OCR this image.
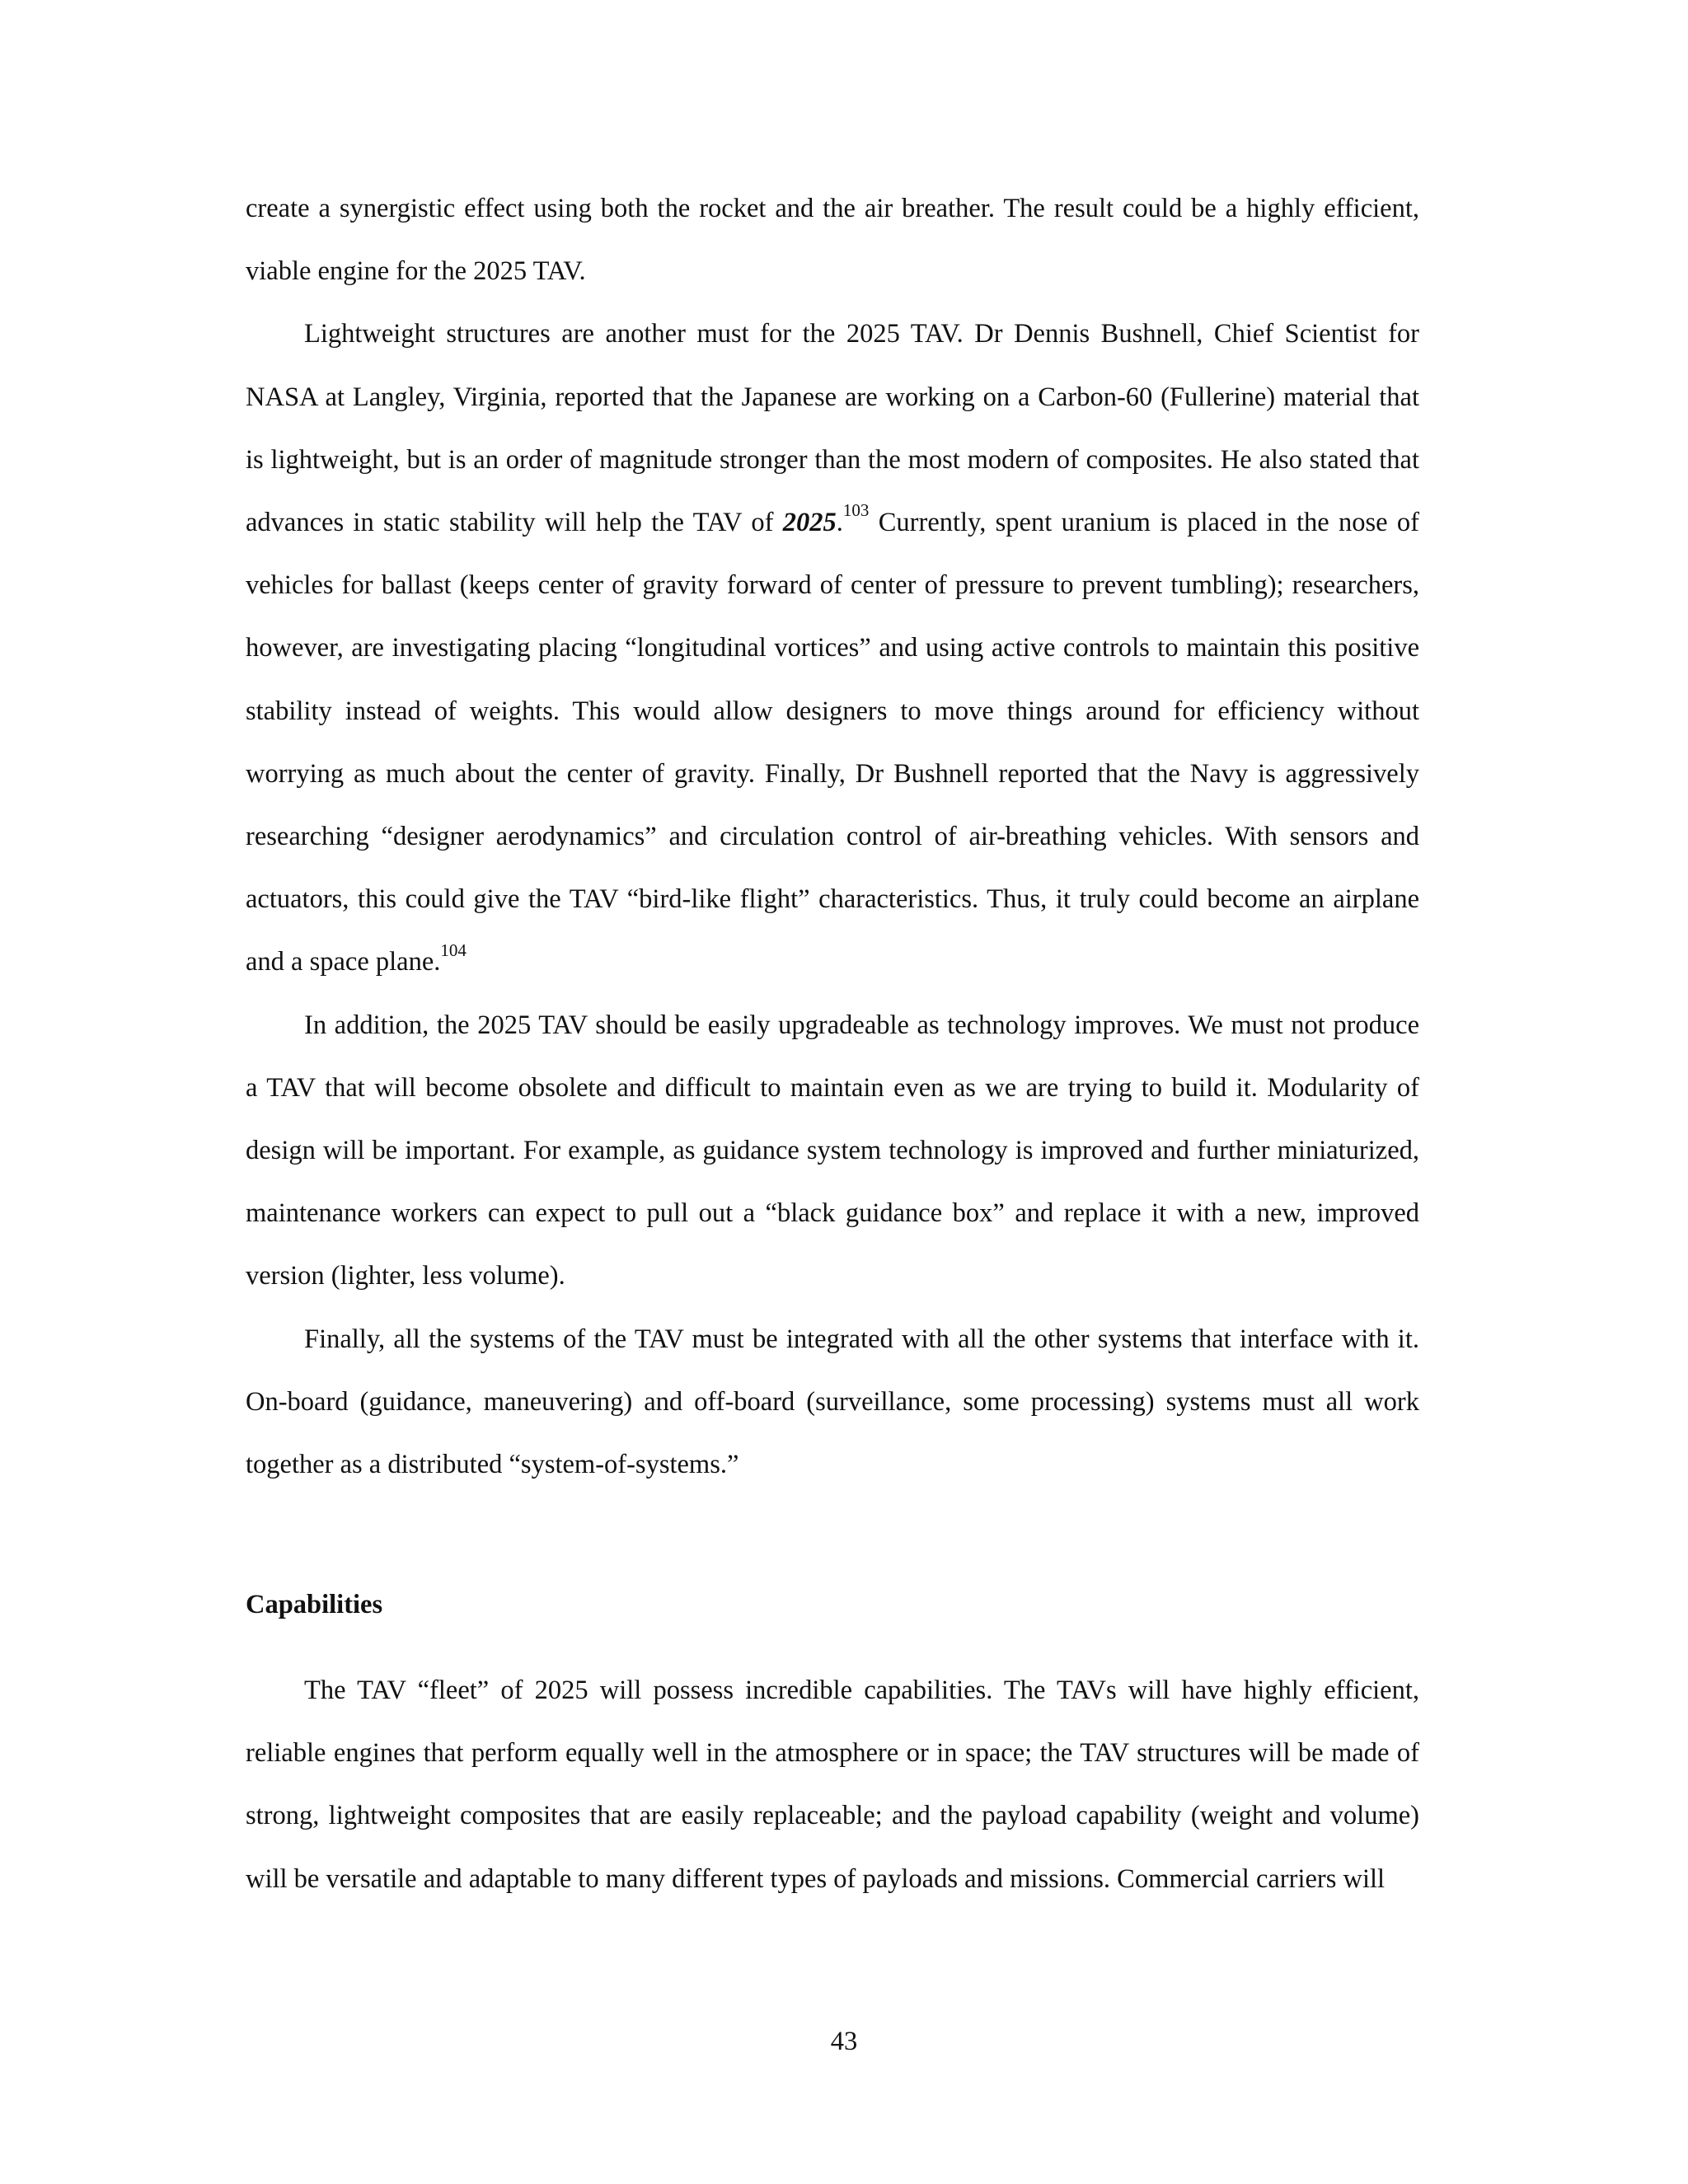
create a synergistic effect using both the rocket and the air breather. The result could be a highly efficient, viable engine for the 2025 TAV.

Lightweight structures are another must for the 2025 TAV. Dr Dennis Bushnell, Chief Scientist for NASA at Langley, Virginia, reported that the Japanese are working on a Carbon-60 (Fullerine) material that is lightweight, but is an order of magnitude stronger than the most modern of composites. He also stated that advances in static stability will help the TAV of 2025.$^{103}$ Currently, spent uranium is placed in the nose of vehicles for ballast (keeps center of gravity forward of center of pressure to prevent tumbling); researchers, however, are investigating placing “longitudinal vortices” and using active controls to maintain this positive stability instead of weights. This would allow designers to move things around for efficiency without worrying as much about the center of gravity. Finally, Dr Bushnell reported that the Navy is aggressively researching “designer aerodynamics” and circulation control of air-breathing vehicles. With sensors and actuators, this could give the TAV “bird-like flight” characteristics. Thus, it truly could become an airplane and a space plane.$^{104}$

In addition, the 2025 TAV should be easily upgradeable as technology improves. We must not produce a TAV that will become obsolete and difficult to maintain even as we are trying to build it. Modularity of design will be important. For example, as guidance system technology is improved and further miniaturized, maintenance workers can expect to pull out a “black guidance box” and replace it with a new, improved version (lighter, less volume).

Finally, all the systems of the TAV must be integrated with all the other systems that interface with it. On-board (guidance, maneuvering) and off-board (surveillance, some processing) systems must all work together as a distributed “system-of-systems.”

Capabilities

The TAV “fleet” of 2025 will possess incredible capabilities. The TAVs will have highly efficient, reliable engines that perform equally well in the atmosphere or in space; the TAV structures will be made of strong, lightweight composites that are easily replaceable; and the payload capability (weight and volume) will be versatile and adaptable to many different types of payloads and missions. Commercial carriers will

43
